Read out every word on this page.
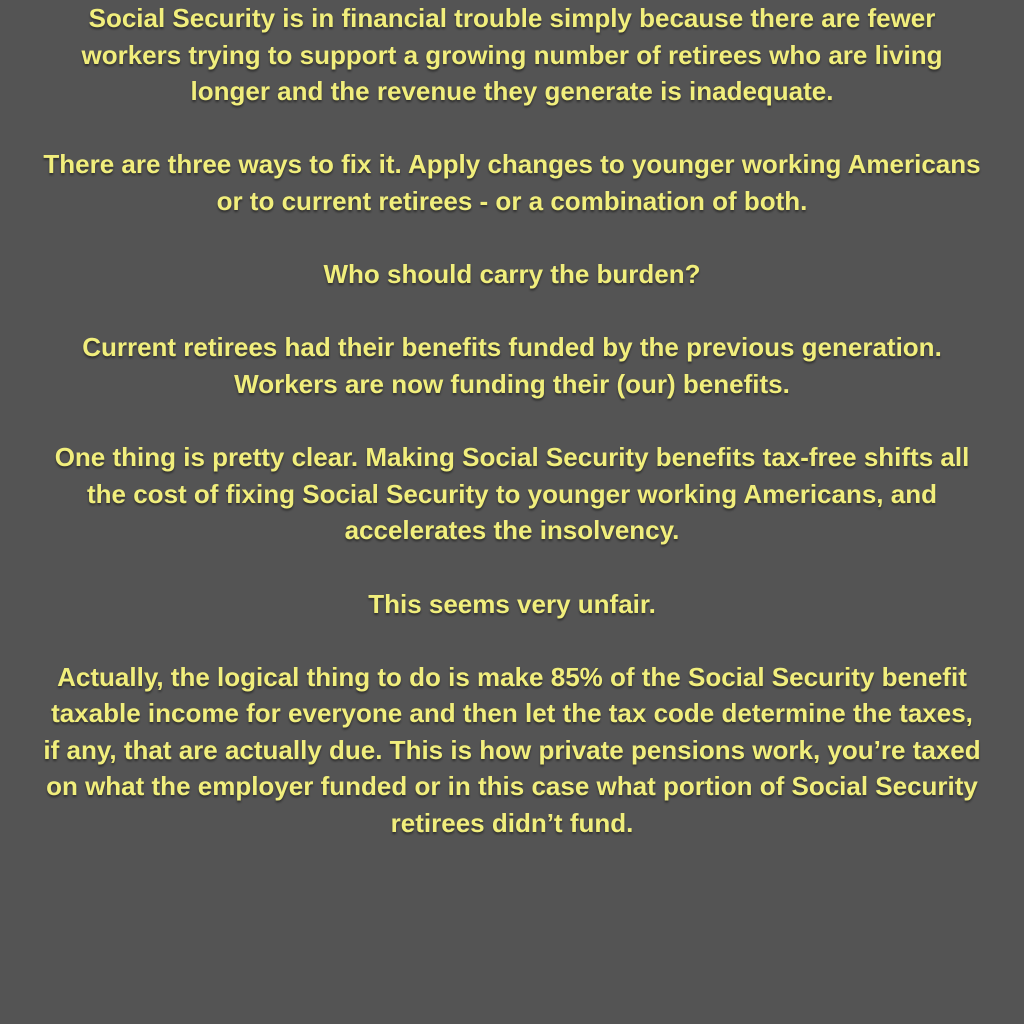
Social Security is in financial trouble simply because there are fewer workers trying to support a growing number of retirees who are living longer and the revenue they generate is inadequate.

There are three ways to fix it. Apply changes to younger working Americans or to current retirees - or a combination of both.

Who should carry the burden?

Current retirees had their benefits funded by the previous generation. Workers are now funding their (our) benefits.

One thing is pretty clear. Making Social Security benefits tax-free shifts all the cost of fixing Social Security to younger working Americans, and accelerates the insolvency.

This seems very unfair.

Actually, the logical thing to do is make 85% of the Social Security benefit taxable income for everyone and then let the tax code determine the taxes, if any, that are actually due. This is how private pensions work, you’re taxed on what the employer funded or in this case what portion of Social Security retirees didn’t fund.
